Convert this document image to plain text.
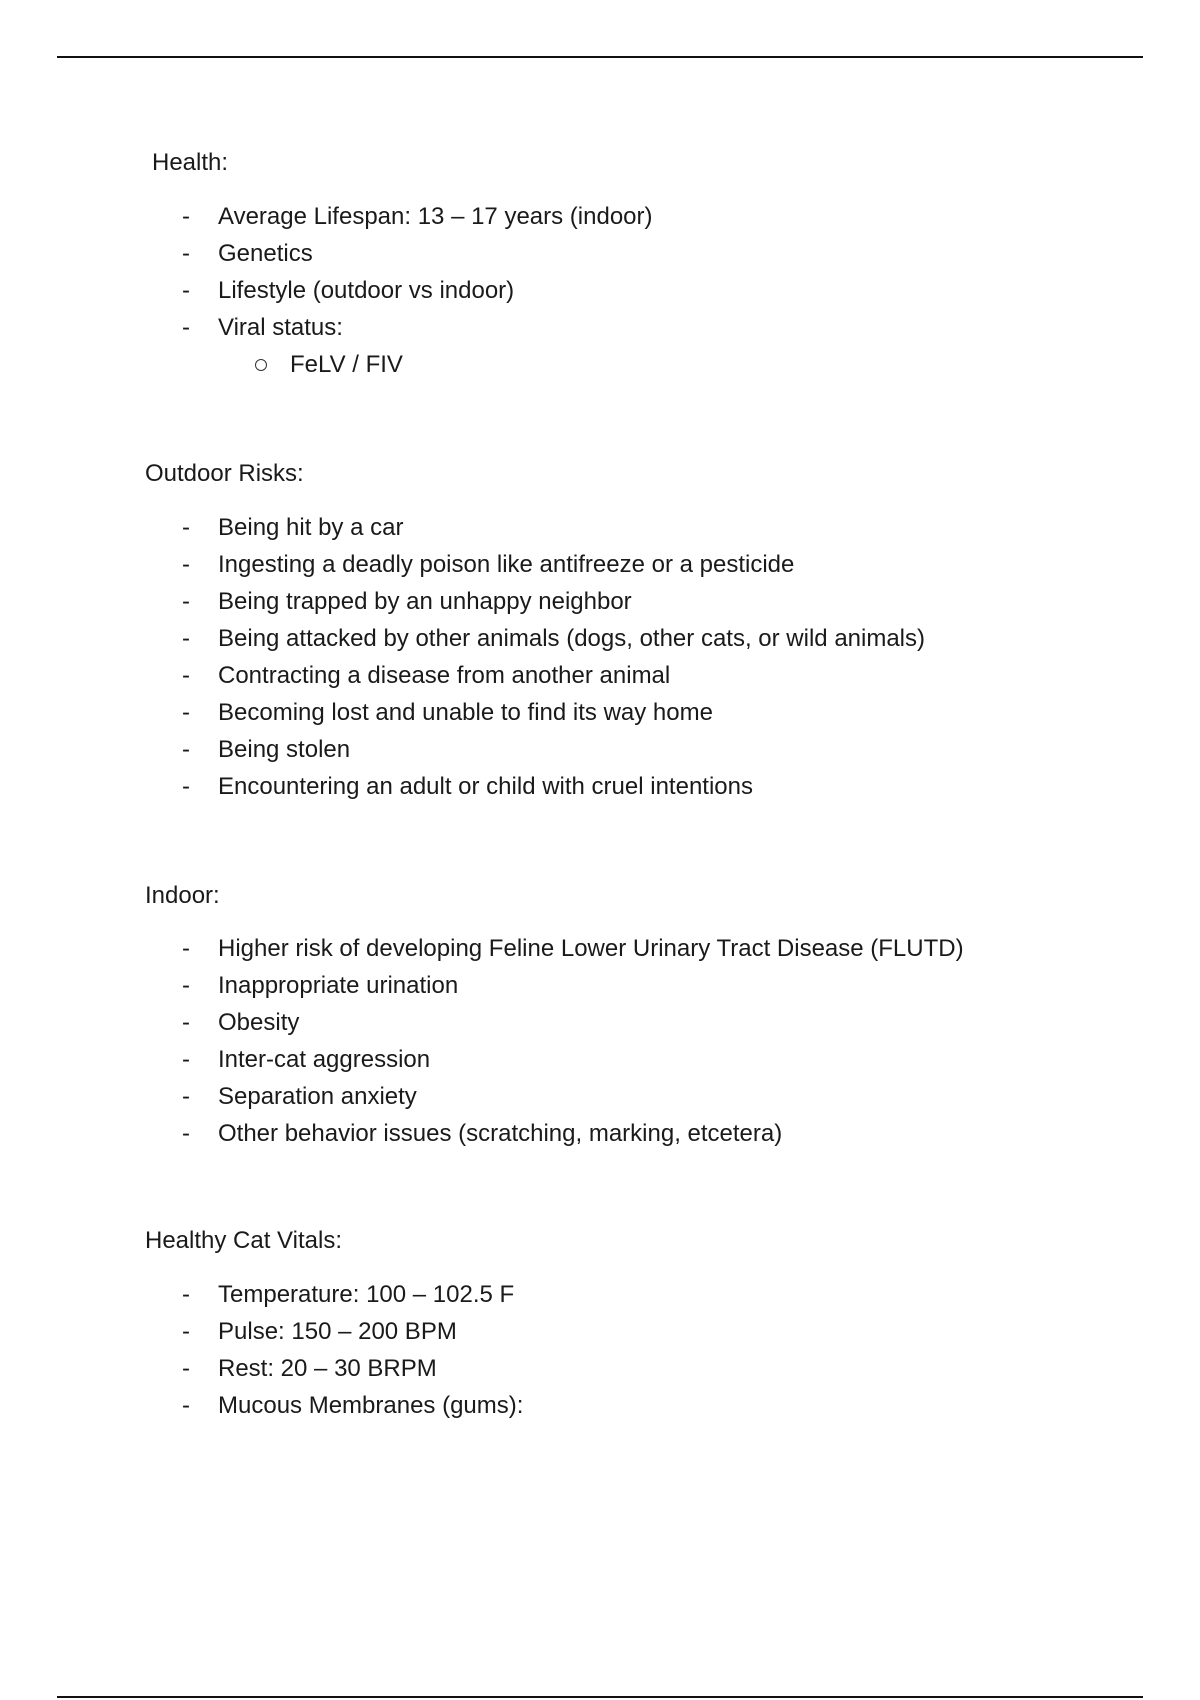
Health:
- Average Lifespan: 13 – 17 years (indoor)
- Genetics
- Lifestyle (outdoor vs indoor)
- Viral status:
FeLV / FIV
Outdoor Risks:
- Being hit by a car
- Ingesting a deadly poison like antifreeze or a pesticide
- Being trapped by an unhappy neighbor
- Being attacked by other animals (dogs, other cats, or wild animals)
- Contracting a disease from another animal
- Becoming lost and unable to find its way home
- Being stolen
- Encountering an adult or child with cruel intentions
Indoor:
- Higher risk of developing Feline Lower Urinary Tract Disease (FLUTD)
- Inappropriate urination
- Obesity
- Inter-cat aggression
- Separation anxiety
- Other behavior issues (scratching, marking, etcetera)
Healthy Cat Vitals:
- Temperature: 100 – 102.5 F
- Pulse: 150 – 200 BPM
- Rest: 20 – 30 BRPM
- Mucous Membranes (gums):
